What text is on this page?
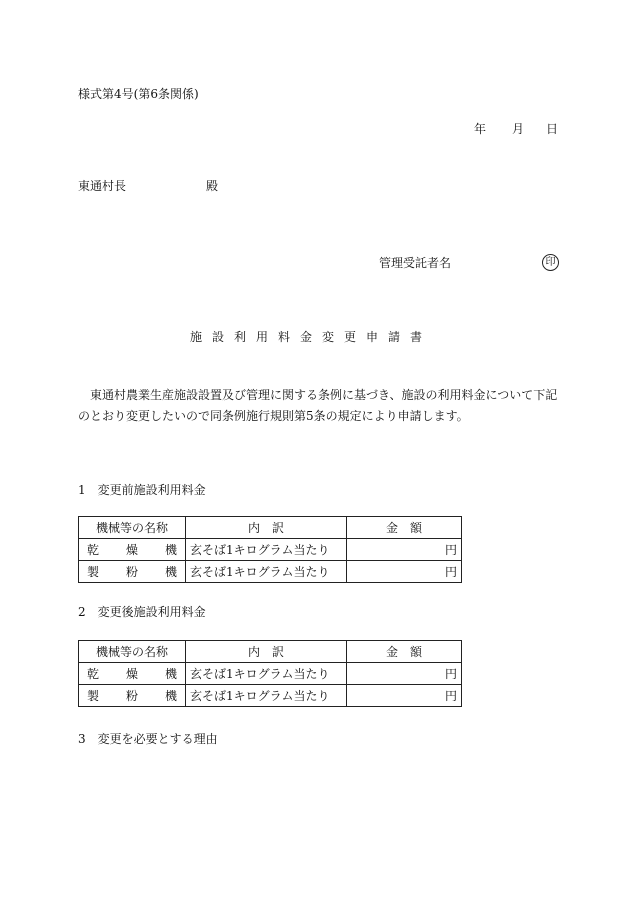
様式第4号(第6条関係)
年 月 日
東通村長	殿
管理受託者名	印
施設利用料金変更申請書
東通村農業生産施設設置及び管理に関する条例に基づき、施設の利用料金について下記のとおり変更したいので同条例施行規則第5条の規定により申請します。
1　変更前施設利用料金
機械等の名称	内　訳	金　額

乾 燥 機	玄そば1キログラム当たり	円

製 粉 機	玄そば1キログラム当たり	円
2　変更後施設利用料金
機械等の名称	内　訳	金　額

乾 燥 機	玄そば1キログラム当たり	円

製 粉 機	玄そば1キログラム当たり	円
3　変更を必要とする理由
